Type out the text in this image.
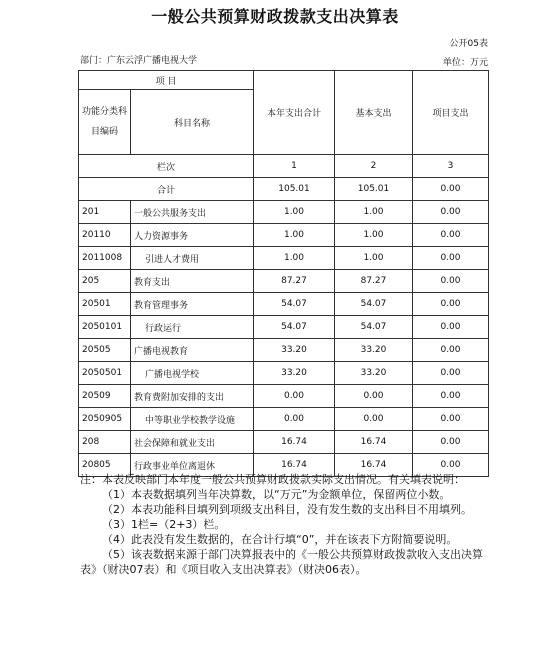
一般公共预算财政拨款支出决算表
公开05表
部门：广东云浮广播电视大学	单位：万元
项 目		本年支出合计	基本支出	项目支出
功能分类科目编码	科目名称			
栏次		1	2	3
合计		105.01	105.01	0.00
201	一般公共服务支出	1.00	1.00	0.00
20110	人力资源事务	1.00	1.00	0.00
2011008	引进人才费用	1.00	1.00	0.00
205	教育支出	87.27	87.27	0.00
20501	教育管理事务	54.07	54.07	0.00
2050101	行政运行	54.07	54.07	0.00
20505	广播电视教育	33.20	33.20	0.00
2050501	广播电视学校	33.20	33.20	0.00
20509	教育费附加安排的支出	0.00	0.00	0.00
2050905	中等职业学校教学设施	0.00	0.00	0.00
208	社会保障和就业支出	16.74	16.74	0.00
20805	行政事业单位离退休	16.74	16.74	0.00

注：本表反映部门本年度一般公共预算财政拨款实际支出情况。有关填表说明：

（1）本表数据填列当年决算数，以“万元”为金额单位，保留两位小数。

（2）本表功能科目填列到项级支出科目，没有发生数的支出科目不用填列。

（3）1栏=（2+3）栏。

（4）此表没有发生数据的，在合计行填“0”，并在该表下方附简要说明。

（5）该表数据来源于部门决算报表中的《一般公共预算财政拨款收入支出决算表》（财决07表）和《项目收入支出决算表》（财决06表）。
